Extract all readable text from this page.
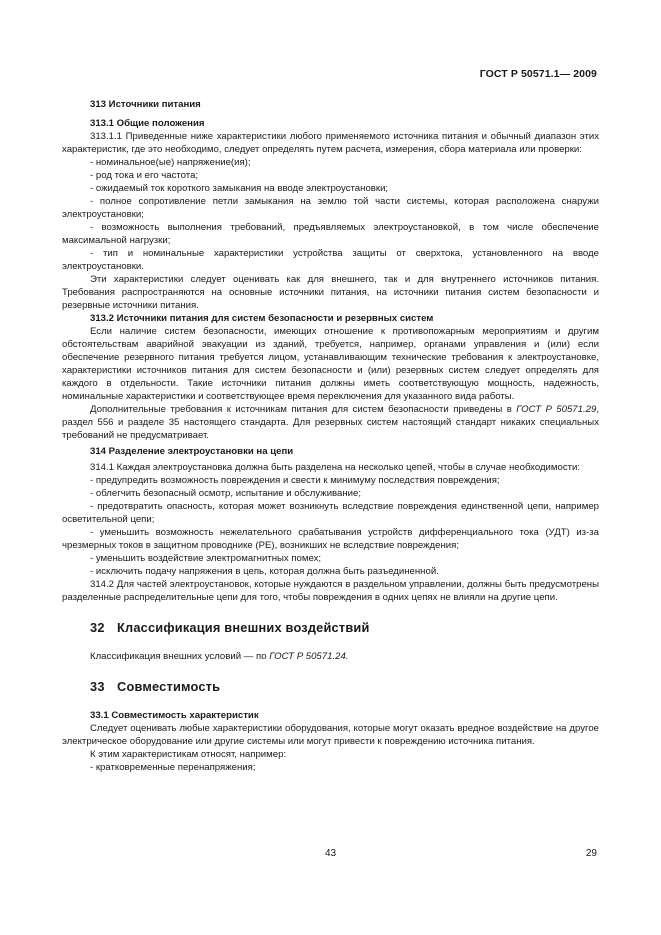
ГОСТ Р 50571.1— 2009

313 Источники питания

313.1 Общие положения

313.1.1 Приведенные ниже характеристики любого применяемого источника питания и обычный диапазон этих характеристик, где это необходимо, следует определять путем расчета, измерения, сбора материала или проверки:

- номинальное(ые) напряжение(ия);

- род тока и его частота;

- ожидаемый ток короткого замыкания на вводе электроустановки;

- полное сопротивление петли замыкания на землю той части системы, которая расположена снаружи электроустановки;

- возможность выполнения требований, предъявляемых электроустановкой, в том числе обеспечение максимальной нагрузки;

- тип и номинальные характеристики устройства защиты от сверхтока, установленного на вводе электроустановки.

Эти характеристики следует оценивать как для внешнего, так и для внутреннего источников питания. Требования распространяются на основные источники питания, на источники питания систем безопасности и резервные источники питания.

313.2 Источники питания для систем безопасности и резервных систем

Если наличие систем безопасности, имеющих отношение к противопожарным мероприятиям и другим обстоятельствам аварийной эвакуации из зданий, требуется, например, органами управления и (или) если обеспечение резервного питания требуется лицом, устанавливающим технические требования к электроустановке, характеристики источников питания для систем безопасности и (или) резервных систем следует определять для каждого в отдельности. Такие источники питания должны иметь соответствующую мощность, надежность, номинальные характеристики и соответствующее время переключения для указанного вида работы.

Дополнительные требования к источникам питания для систем безопасности приведены в ГОСТ Р 50571.29, раздел 556 и разделе 35 настоящего стандарта. Для резервных систем настоящий стандарт никаких специальных требований не предусматривает.

314 Разделение электроустановки на цепи

314.1 Каждая электроустановка должна быть разделена на несколько цепей, чтобы в случае необходимости:

- предупредить возможность повреждения и свести к минимуму последствия повреждения;

- облегчить безопасный осмотр, испытание и обслуживание;

- предотвратить опасность, которая может возникнуть вследствие повреждения единственной цепи, например осветительной цепи;

- уменьшить возможность нежелательного срабатывания устройств дифференциального тока (УДТ) из-за чрезмерных токов в защитном проводнике (РЕ), возникших не вследствие повреждения;

- уменьшить воздействие электромагнитных помех;

- исключить подачу напряжения в цепь, которая должна быть разъединенной.

314.2 Для частей электроустановок, которые нуждаются в раздельном управлении, должны быть предусмотрены разделенные распределительные цепи для того, чтобы повреждения в одних цепях не влияли на другие цепи.

32 Классификация внешних воздействий

Классификация внешних условий — по ГОСТ Р 50571.24.

33 Совместимость

33.1 Совместимость характеристик

Следует оценивать любые характеристики оборудования, которые могут оказать вредное воздействие на другое электрическое оборудование или другие системы или могут привести к повреждению источника питания.

К этим характеристикам относят, например:

- кратковременные перенапряжения;

43	29
